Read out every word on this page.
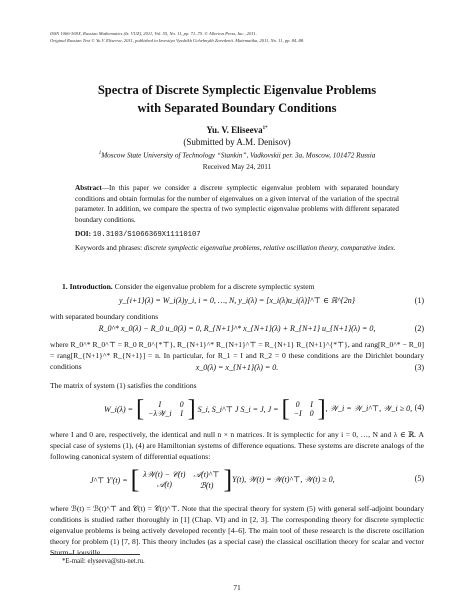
ISSN 1066-369X, Russian Mathematics (Iz. VUZ), 2011, Vol. 55, No. 11, pp. 71–75. © Allerton Press, Inc., 2011.
Original Russian Text © Yu.V. Eliseeva, 2011, published in Izvestiya Vysshikh Uchebnykh Zavedenii. Matematika, 2011, No. 11, pp. 84–88.
Spectra of Discrete Symplectic Eigenvalue Problems
with Separated Boundary Conditions
Yu. V. Eliseeva$^{1*}$
(Submitted by A.M. Denisov)
$^1$Moscow State University of Technology “Stankin”, Vadkovskii per. 3a, Moscow, 101472 Russia
Received May 24, 2011
Abstract—In this paper we consider a discrete symplectic eigenvalue problem with separated boundary conditions and obtain formulas for the number of eigenvalues on a given interval of the variation of the spectral parameter. In addition, we compare the spectra of two symplectic eigenvalue problems with different separated boundary conditions.
DOI: 10.3103/S1066369X11110107
Keywords and phrases: discrete symplectic eigenvalue problems, relative oscillation theory, comparative index.
1. Introduction. Consider the eigenvalue problem for a discrete symplectic system
y_{i+1}(λ) = W_i(λ)y_i, i = 0, …, N, y_i(λ) = [x_i(λ)u_i(λ)]^⊤ ∈ ℝ^{2n}	(1)
with separated boundary conditions
R_0^* x_0(λ) − R_0 u_0(λ) = 0, R_{N+1}^* x_{N+1}(λ) + R_{N+1} u_{N+1}(λ) = 0,	(2)
where R_0^* R_0^⊤ = R_0 R_0^{*⊤}, R_{N+1}^* R_{N+1}^⊤ = R_{N+1} R_{N+1}^{*⊤}, and rang[R_0^* − R_0] = rang[R_{N+1}^* R_{N+1}] = n. In particular, for R_1 = I and R_2 = 0 these conditions are the Dirichlet boundary conditions	x_0(λ) = x_{N+1}(λ) = 0.	(3)
The matrix of system (1) satisfies the conditions
W_i(λ) = [ I	0
−λ𝒲_i	I ] S_i, S_i^⊤ J S_i = J, J = [ 0	I
−I	0 ] , 𝒲_i = 𝒲_i^⊤, 𝒲_i ≥ 0, (4)
where I and 0 are, respectively, the identical and null n × n matrices. It is symplectic for any i = 0, …, N and λ ∈ ℝ. A special case of systems (1), (4) are Hamiltonian systems of difference equations. These systems are discrete analogs of the following canonical system of differential equations:
J^⊤ Y′(t) = [ λ𝒲(t) − 𝒞(t)	𝒜(t)^⊤
𝒜(t)	ℬ(t) ] Y(t), 𝒲(t) = 𝒲(t)^⊤, 𝒲(t) ≥ 0,	(5)
where ℬ(t) = ℬ(t)^⊤ and 𝒞(t) = 𝒞(t)^⊤. Note that the spectral theory for system (5) with general self-adjoint boundary conditions is studied rather thoroughly in [1] (Chap. VI) and in [2, 3]. The corresponding theory for discrete symplectic eigenvalue problems is being actively developed recently [4–6]. The main tool of these research is the discrete oscillation theory for problem (1) [7, 8]. This theory includes (as a special case) the classical oscillation theory for scalar and vector Sturm–Liouville
*E-mail: elyseeva@stu-net.ru.
71
